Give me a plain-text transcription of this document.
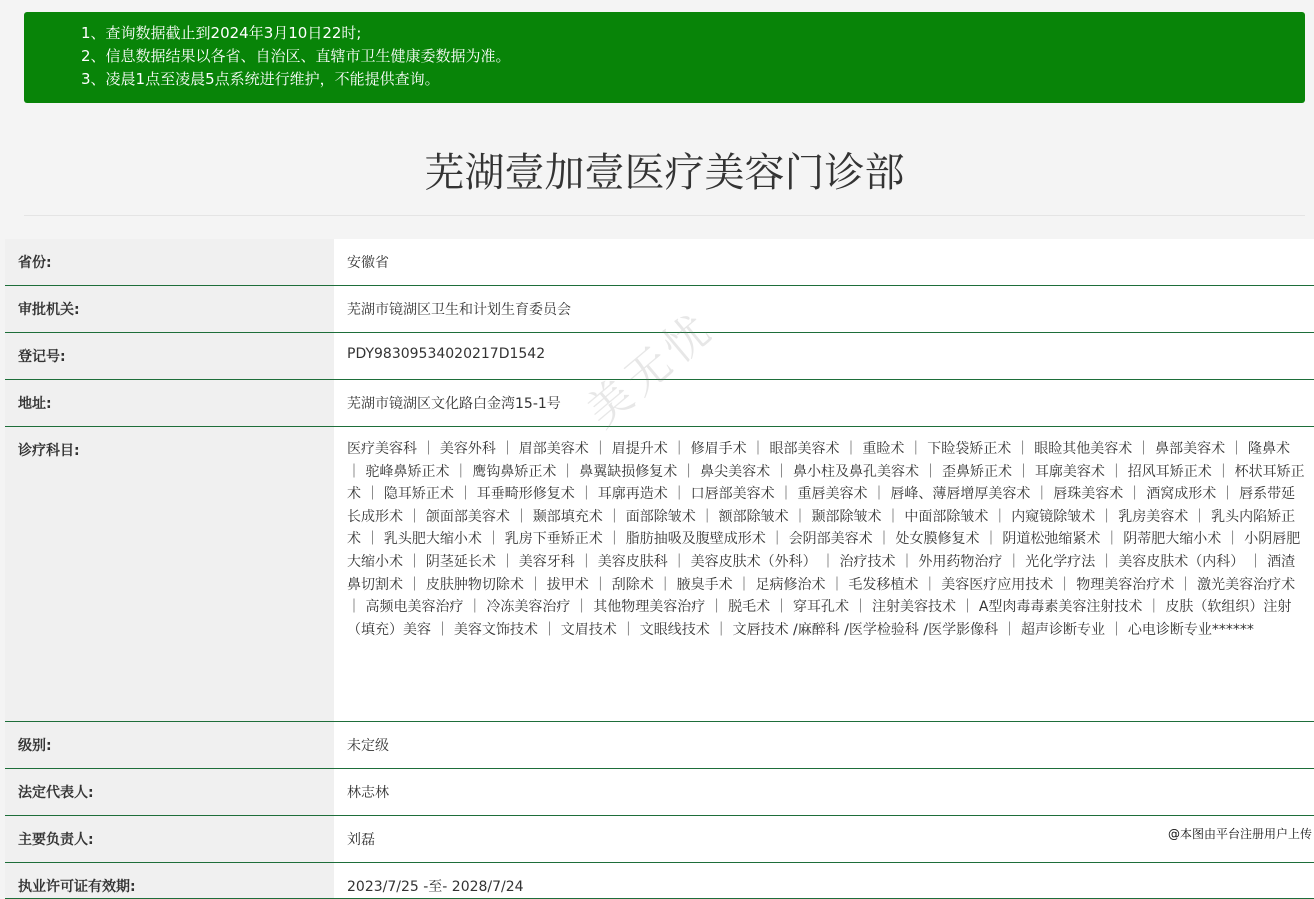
1、查询数据截止到2024年3月10日22时;
2、信息数据结果以各省、自治区、直辖市卫生健康委数据为准。
3、凌晨1点至凌晨5点系统进行维护，不能提供查询。
芜湖壹加壹医疗美容门诊部
省份:	安徽省
审批机关:	芜湖市镜湖区卫生和计划生育委员会
登记号:	PDY98309534020217D1542
地址:	芜湖市镜湖区文化路白金湾15-1号
诊疗科目:	医疗美容科 ｜ 美容外科 ｜ 眉部美容术 ｜ 眉提升术 ｜ 修眉手术 ｜ 眼部美容术 ｜ 重睑术 ｜ 下睑袋矫正术 ｜ 眼睑其他美容术 ｜ 鼻部美容术 ｜ 隆鼻术 ｜ 驼峰鼻矫正术 ｜ 鹰钩鼻矫正术 ｜ 鼻翼缺损修复术 ｜ 鼻尖美容术 ｜ 鼻小柱及鼻孔美容术 ｜ 歪鼻矫正术 ｜ 耳廓美容术 ｜ 招风耳矫正术 ｜ 杯状耳矫正术 ｜ 隐耳矫正术 ｜ 耳垂畸形修复术 ｜ 耳廓再造术 ｜ 口唇部美容术 ｜ 重唇美容术 ｜ 唇峰、薄唇增厚美容术 ｜ 唇珠美容术 ｜ 酒窝成形术 ｜ 唇系带延长成形术 ｜ 颌面部美容术 ｜ 颞部填充术 ｜ 面部除皱术 ｜ 额部除皱术 ｜ 颞部除皱术 ｜ 中面部除皱术 ｜ 内窥镜除皱术 ｜ 乳房美容术 ｜ 乳头内陷矫正术 ｜ 乳头肥大缩小术 ｜ 乳房下垂矫正术 ｜ 脂肪抽吸及腹壁成形术 ｜ 会阴部美容术 ｜ 处女膜修复术 ｜ 阴道松弛缩紧术 ｜ 阴蒂肥大缩小术 ｜ 小阴唇肥大缩小术 ｜ 阴茎延长术 ｜ 美容牙科 ｜ 美容皮肤科 ｜ 美容皮肤术（外科） ｜ 治疗技术 ｜ 外用药物治疗 ｜ 光化学疗法 ｜ 美容皮肤术（内科） ｜ 酒渣鼻切割术 ｜ 皮肤肿物切除术 ｜ 拔甲术 ｜ 刮除术 ｜ 腋臭手术 ｜ 足病修治术 ｜ 毛发移植术 ｜ 美容医疗应用技术 ｜ 物理美容治疗术 ｜ 激光美容治疗术 ｜ 高频电美容治疗 ｜ 冷冻美容治疗 ｜ 其他物理美容治疗 ｜ 脱毛术 ｜ 穿耳孔术 ｜ 注射美容技术 ｜ A型肉毒毒素美容注射技术 ｜ 皮肤（软组织）注射（填充）美容 ｜ 美容文饰技术 ｜ 文眉技术 ｜ 文眼线技术 ｜ 文唇技术 /麻醉科 /医学检验科 /医学影像科 ｜ 超声诊断专业 ｜ 心电诊断专业******
级别:	未定级
法定代表人:	林志林
主要负责人:	刘磊
执业许可证有效期:	2023/7/25 -至- 2028/7/24
@本图由平台注册用户上传
